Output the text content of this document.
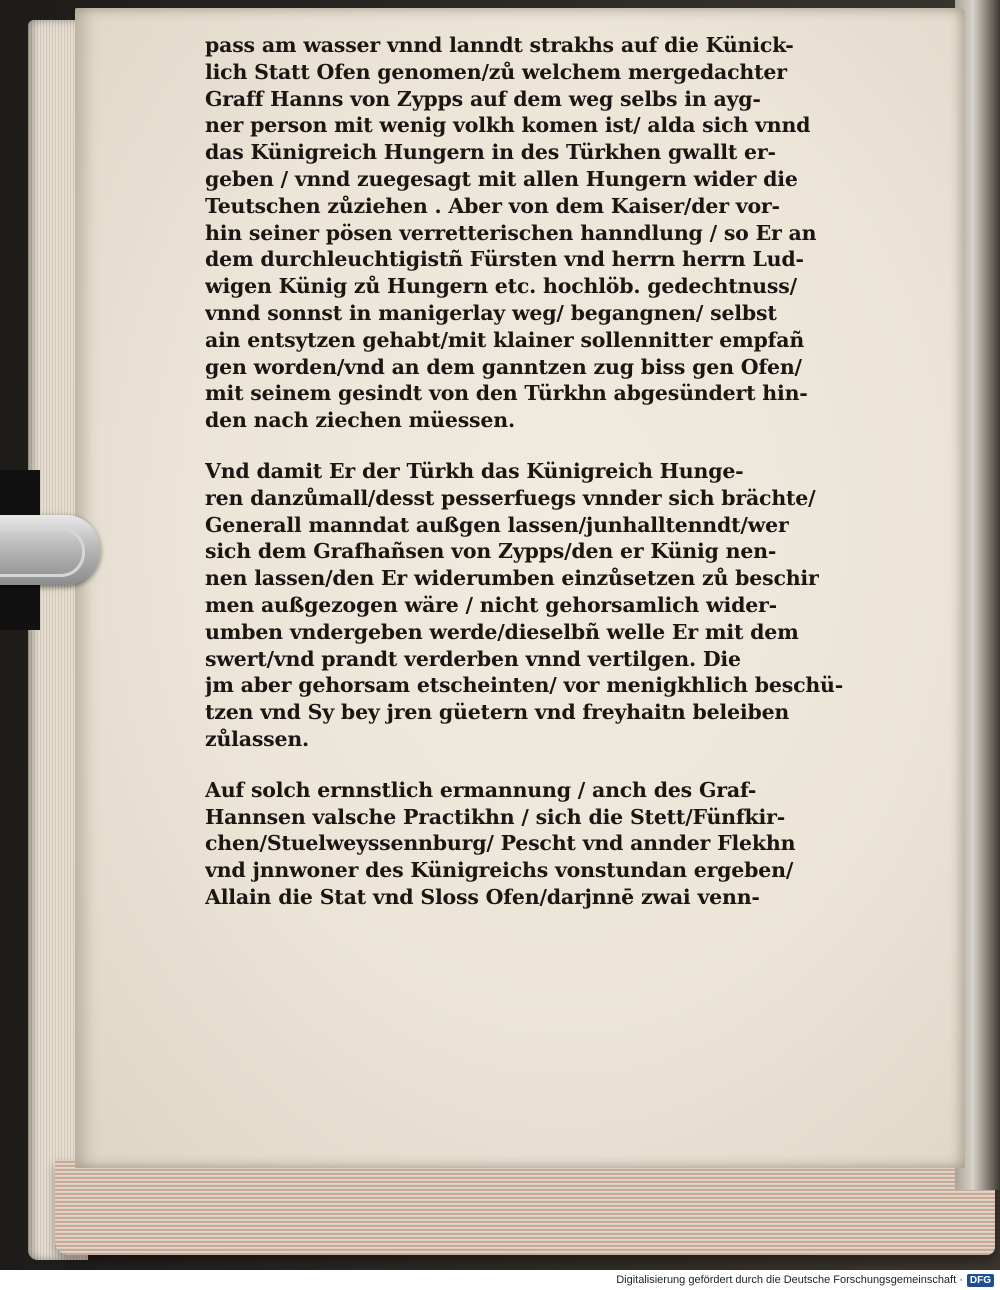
pass am wasser vnnd lanndt strakhs auf die Künick-
lich Statt Ofen genomen/zů welchem mergedachter
Graff Hanns von Zypps auf dem weg selbs in ayg-
ner person mit wenig volkh komen ist/ alda sich vnnd
das Künigreich Hungern in des Türkhen gwallt er-
geben / vnnd zuegesagt mit allen Hungern wider die
Teutschen zůziehen . Aber von dem Kaiser/der vor-
hin seiner pösen verretterischen hanndlung / so Er an
dem durchleuchtigistñ Fürsten vnd herrn herrn Lud-
wigen Künig zů Hungern etc. hochlöb. gedechtnuss/
vnnd sonnst in manigerlay weg/ begangnen/ selbst
ain entsytzen gehabt/mit klainer sollennitter empfañ
gen worden/vnd an dem ganntzen zug biss gen Ofen/
mit seinem gesindt von den Türkhn abgesündert hin-
den nach ziechen müessen.
Vnd damit Er der Türkh das Künigreich Hunge-
ren danzůmall/desst pesserfuegs vnnder sich brächte/
Generall manndat außgen lassen/junhalltenndt/wer
sich dem Grafhañsen von Zypps/den er Künig nen-
nen lassen/den Er widerumben einzůsetzen zů beschir
men außgezogen wäre / nicht gehorsamlich wider-
umben vndergeben werde/dieselbñ welle Er mit dem
swert/vnd prandt verderben vnnd vertilgen. Die
jm aber gehorsam etscheinten/ vor menigkhlich beschü-
tzen vnd Sy bey jren güetern vnd freyhaitn beleiben
zůlassen.
Auf solch ernnstlich ermannung / anch des Graf-
Hannsen valsche Practikhn / sich die Stett/Fünfkir-
chen/Stuelweyssennburg/ Pescht vnd annder Flekhn
vnd jnnwoner des Künigreichs vonstundan ergeben/
Allain die Stat vnd Sloss Ofen/darjnnē zwai venn-
Digitalisierung gefördert durch die Deutsche Forschungsgemeinschaft · DFG
